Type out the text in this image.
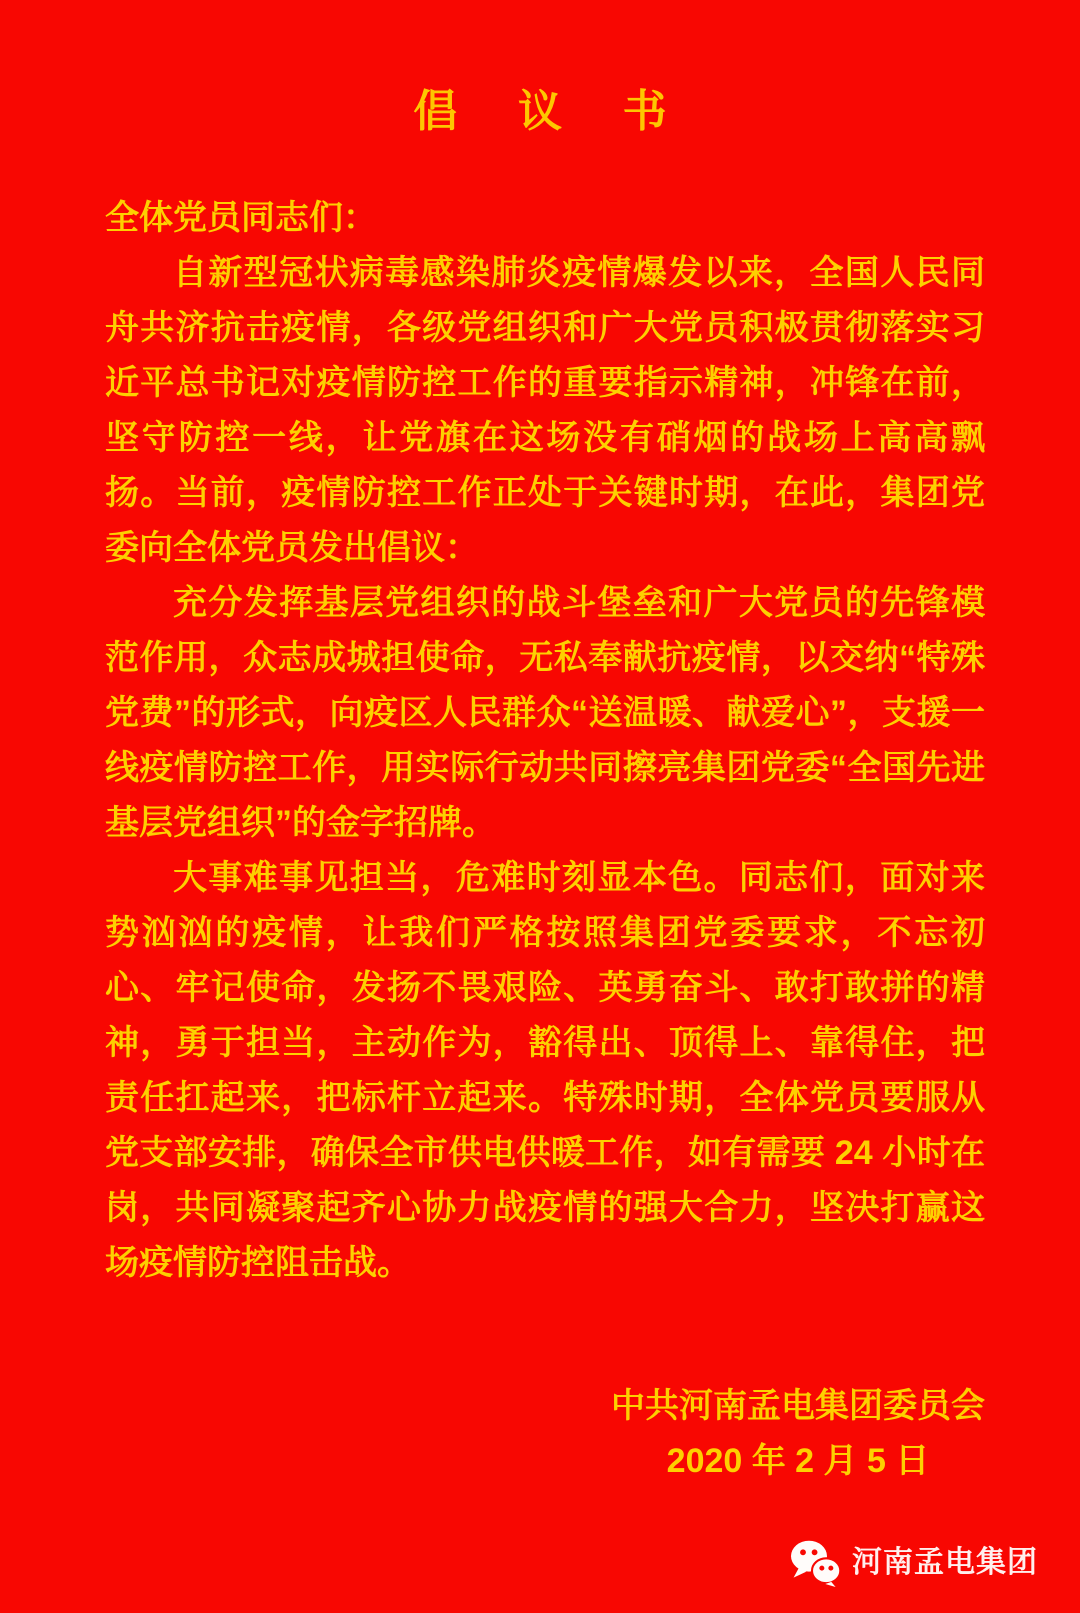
倡 议 书

全体党员同志们：

自新型冠状病毒感染肺炎疫情爆发以来，全国人民同舟共济抗击疫情，各级党组织和广大党员积极贯彻落实习近平总书记对疫情防控工作的重要指示精神，冲锋在前，坚守防控一线，让党旗在这场没有硝烟的战场上高高飘扬。当前，疫情防控工作正处于关键时期，在此，集团党委向全体党员发出倡议：

充分发挥基层党组织的战斗堡垒和广大党员的先锋模范作用，众志成城担使命，无私奉献抗疫情，以交纳“特殊党费”的形式，向疫区人民群众“送温暖、献爱心”，支援一线疫情防控工作，用实际行动共同擦亮集团党委“全国先进基层党组织”的金字招牌。

大事难事见担当，危难时刻显本色。同志们，面对来势汹汹的疫情，让我们严格按照集团党委要求，不忘初心、牢记使命，发扬不畏艰险、英勇奋斗、敢打敢拼的精神，勇于担当，主动作为，豁得出、顶得上、靠得住，把责任扛起来，把标杆立起来。特殊时期，全体党员要服从党支部安排，确保全市供电供暖工作，如有需要 24 小时在岗，共同凝聚起齐心协力战疫情的强大合力，坚决打赢这场疫情防控阻击战。

中共河南孟电集团委员会

2020 年 2 月 5 日

河南孟电集团
